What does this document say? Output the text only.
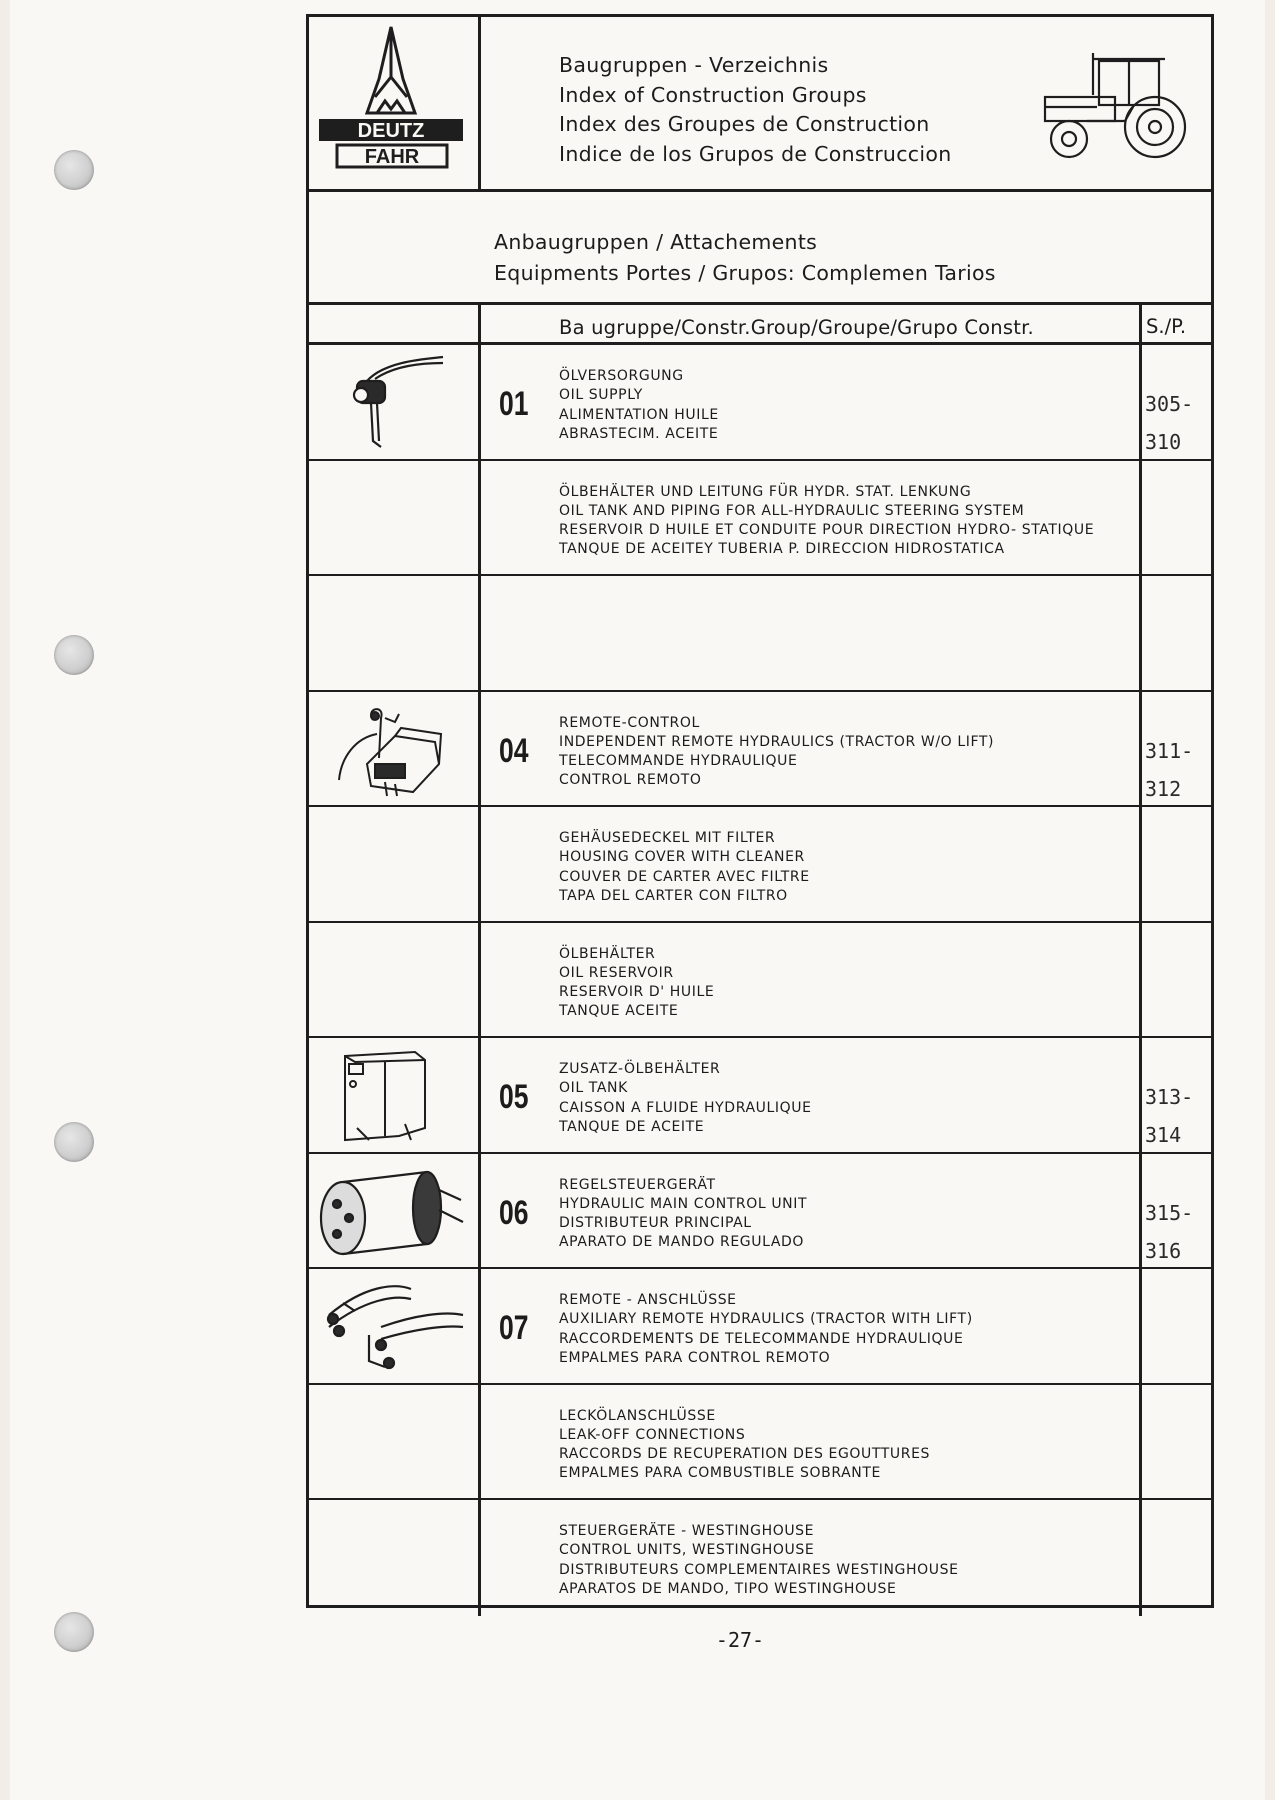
DEUTZ
FAHR
Baugruppen - Verzeichnis
Index of Construction Groups
Index des Groupes de Construction
Indice de los Grupos de Construccion
Anbaugruppen / Attachements
Equipments Portes / Grupos: Complemen Tarios
Ba ugruppe/Constr.Group/Groupe/Grupo Constr.	S./P.
01
ÖLVERSORGUNG
OIL SUPPLY
ALIMENTATION HUILE
ABRASTECIM. ACEITE
305-
310
ÖLBEHÄLTER UND LEITUNG FÜR HYDR. STAT. LENKUNG
OIL TANK AND PIPING FOR ALL-HYDRAULIC STEERING SYSTEM
RESERVOIR D HUILE ET CONDUITE POUR DIRECTION HYDRO- STATIQUE
TANQUE DE ACEITEY TUBERIA P. DIRECCION HIDROSTATICA
04
REMOTE-CONTROL
INDEPENDENT REMOTE HYDRAULICS (TRACTOR W/O LIFT)
TELECOMMANDE HYDRAULIQUE
CONTROL REMOTO
311-
312
GEHÄUSEDECKEL MIT FILTER
HOUSING COVER WITH CLEANER
COUVER DE CARTER AVEC FILTRE
TAPA DEL CARTER CON FILTRO
ÖLBEHÄLTER
OIL RESERVOIR
RESERVOIR D' HUILE
TANQUE ACEITE
05
ZUSATZ-ÖLBEHÄLTER
OIL TANK
CAISSON A FLUIDE HYDRAULIQUE
TANQUE DE ACEITE
313-
314
06
REGELSTEUERGERÄT
HYDRAULIC MAIN CONTROL UNIT
DISTRIBUTEUR PRINCIPAL
APARATO DE MANDO REGULADO
315-
316
07
REMOTE - ANSCHLÜSSE
AUXILIARY REMOTE HYDRAULICS (TRACTOR WITH LIFT)
RACCORDEMENTS DE TELECOMMANDE HYDRAULIQUE
EMPALMES PARA CONTROL REMOTO
LECKÖLANSCHLÜSSE
LEAK-OFF CONNECTIONS
RACCORDS DE RECUPERATION DES EGOUTTURES
EMPALMES PARA COMBUSTIBLE SOBRANTE
STEUERGERÄTE - WESTINGHOUSE
CONTROL UNITS, WESTINGHOUSE
DISTRIBUTEURS COMPLEMENTAIRES WESTINGHOUSE
APARATOS DE MANDO, TIPO WESTINGHOUSE
-27-
